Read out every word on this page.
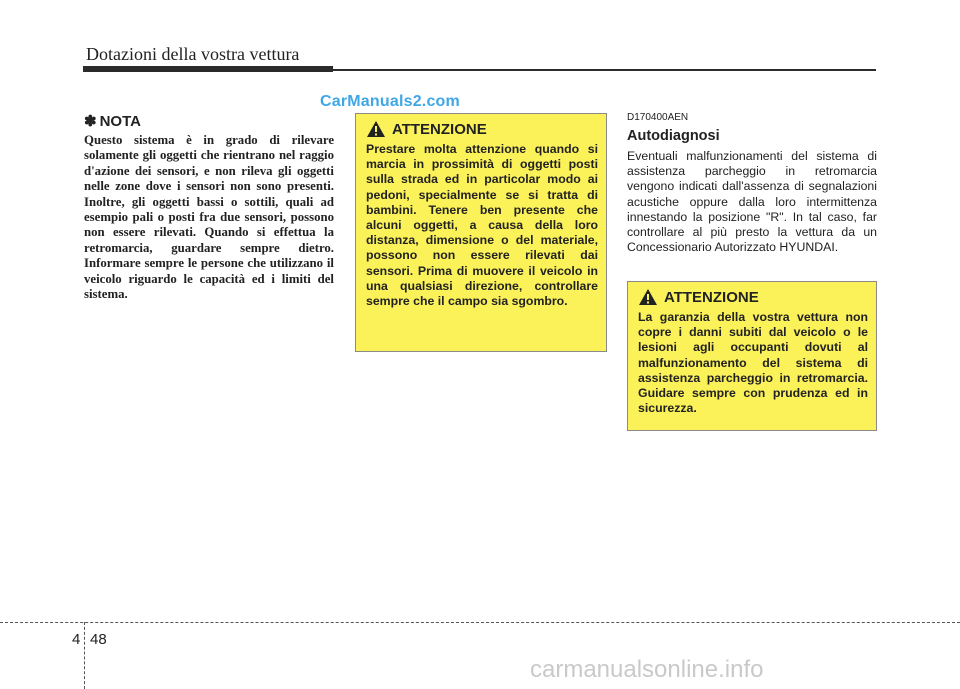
Dotazioni della vostra vettura
CarManuals2.com
✽ NOTA

Questo sistema è in grado di rilevare solamente gli oggetti che rientrano nel raggio d'azione dei sensori, e non rileva gli oggetti nelle zone dove i sensori non sono presenti. Inoltre, gli oggetti bassi o sottili, quali ad esempio pali o posti fra due sensori, possono non essere rilevati. Quando si effettua la retromarcia, guardare sempre dietro. Informare sempre le persone che utilizzano il veicolo riguardo le capacità ed i limiti del sistema.

ATTENZIONE

Prestare molta attenzione quando si marcia in prossimità di oggetti posti sulla strada ed in particolar modo ai pedoni, specialmente se si tratta di bambini. Tenere ben presente che alcuni oggetti, a causa della loro distanza, dimensione o del materiale, possono non essere rilevati dai sensori. Prima di muovere il veicolo in una qualsiasi direzione, controllare sempre che il campo sia sgombro.

D170400AEN
Autodiagnosi

Eventuali malfunzionamenti del sistema di assistenza parcheggio in retromarcia vengono indicati dall'assenza di segnalazioni acustiche oppure dalla loro intermittenza innestando la posizione "R". In tal caso, far controllare al più presto la vettura da un Concessionario Autorizzato HYUNDAI.

ATTENZIONE

La garanzia della vostra vettura non copre i danni subiti dal veicolo o le lesioni agli occupanti dovuti al malfunzionamento del sistema di assistenza parcheggio in retromarcia. Guidare sempre con prudenza ed in sicurezza.

4 48
carmanualsonline.info
